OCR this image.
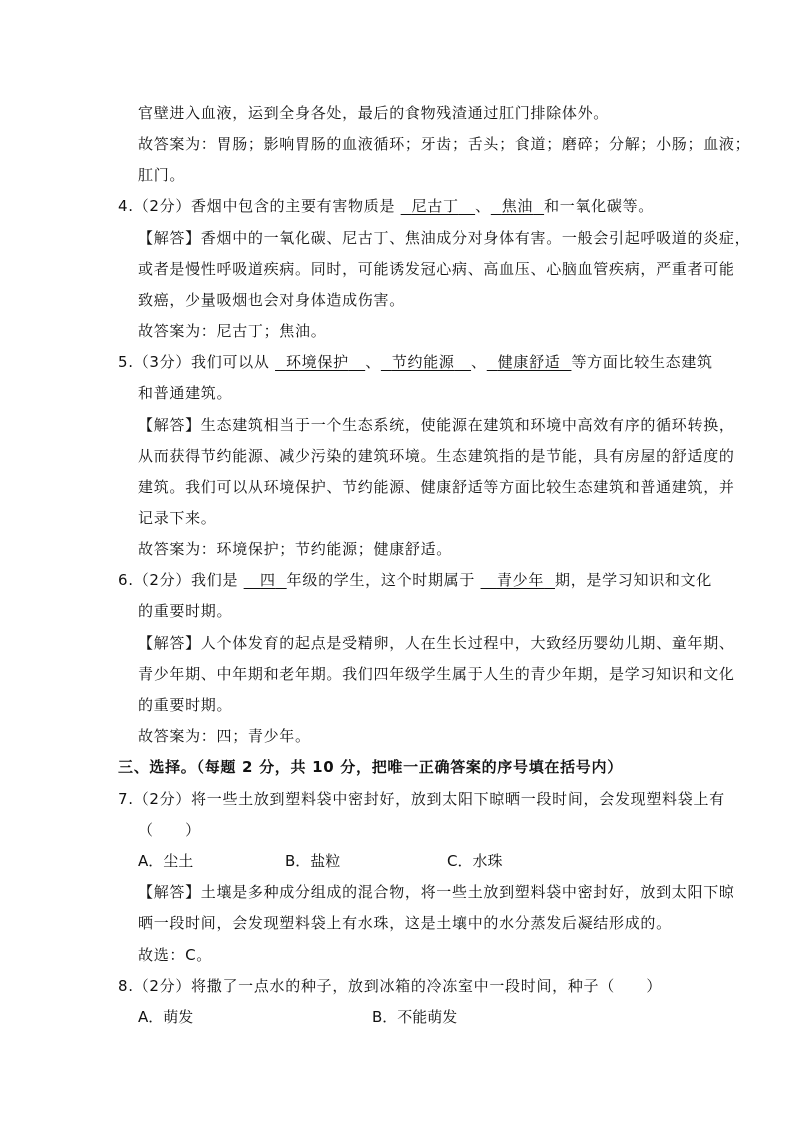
官壁进入血液，运到全身各处，最后的食物残渣通过肛门排除体外。
故答案为：胃肠；影响胃肠的血液循环；牙齿；舌头；食道；磨碎；分解；小肠；血液；
肛门。
4.（2分）香烟中包含的主要有害物质是 尼古丁 、 焦油 和一氧化碳等。
【解答】香烟中的一氧化碳、尼古丁、焦油成分对身体有害。一般会引起呼吸道的炎症，
或者是慢性呼吸道疾病。同时，可能诱发冠心病、高血压、心脑血管疾病，严重者可能
致癌，少量吸烟也会对身体造成伤害。
故答案为：尼古丁；焦油。
5.（3分）我们可以从 环境保护 、 节约能源 、 健康舒适 等方面比较生态建筑
和普通建筑。
【解答】生态建筑相当于一个生态系统，使能源在建筑和环境中高效有序的循环转换，
从而获得节约能源、减少污染的建筑环境。生态建筑指的是节能，具有房屋的舒适度的
建筑。我们可以从环境保护、节约能源、健康舒适等方面比较生态建筑和普通建筑，并
记录下来。
故答案为：环境保护；节约能源；健康舒适。
6.（2分）我们是 四 年级的学生，这个时期属于 青少年 期，是学习知识和文化
的重要时期。
【解答】人个体发育的起点是受精卵，人在生长过程中，大致经历婴幼儿期、童年期、
青少年期、中年期和老年期。我们四年级学生属于人生的青少年期，是学习知识和文化
的重要时期。
故答案为：四；青少年。
三、选择。（每题 2 分，共 10 分，把唯一正确答案的序号填在括号内）
7.（2分）将一些土放到塑料袋中密封好，放到太阳下晾晒一段时间，会发现塑料袋上有
（　　）
A．尘土	B．盐粒	C．水珠
【解答】土壤是多种成分组成的混合物，将一些土放到塑料袋中密封好，放到太阳下晾
晒一段时间，会发现塑料袋上有水珠，这是土壤中的水分蒸发后凝结形成的。
故选：C。
8.（2分）将撒了一点水的种子，放到冰箱的冷冻室中一段时间，种子（　　）
A．萌发	B．不能萌发
